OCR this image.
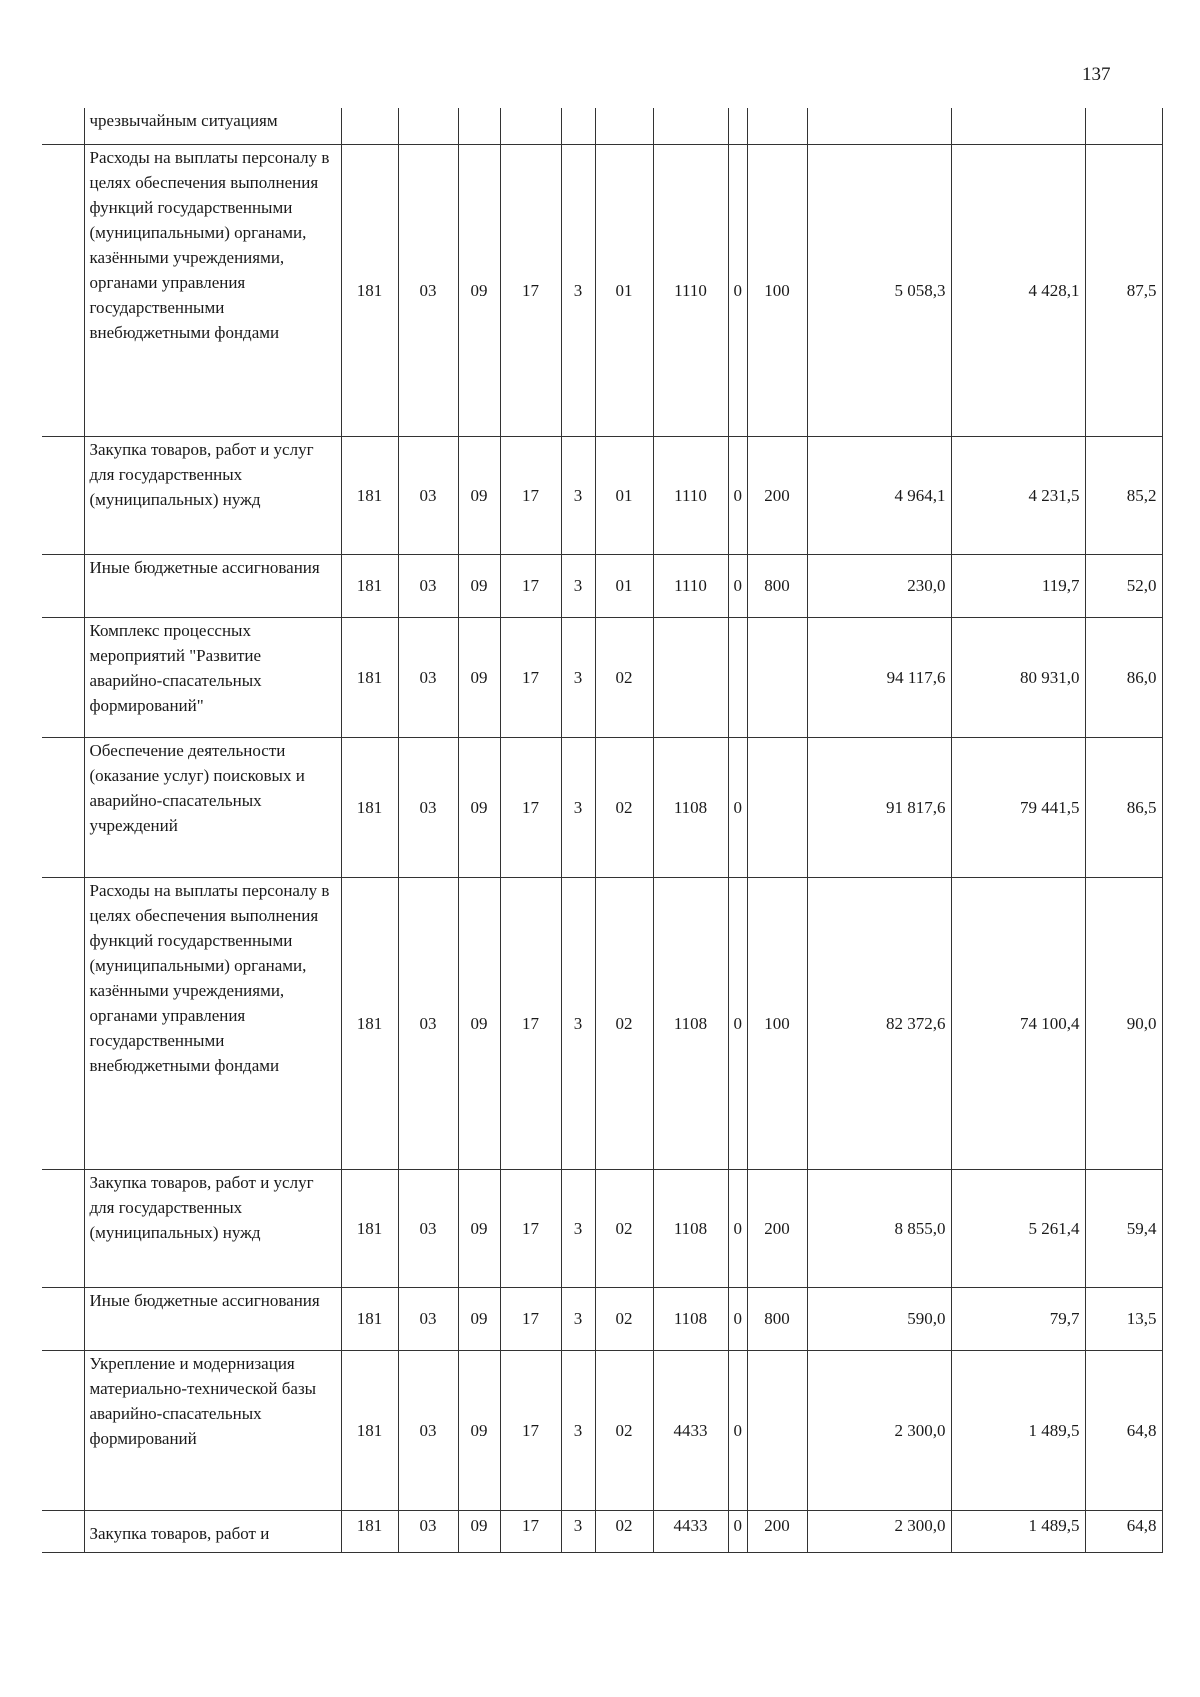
137
	чрезвычайным ситуациям												
	Расходы на выплаты персоналу в целях обеспечения выполнения функций государственными (муниципальными) органами, казёнными учреждениями, органами управления государственными внебюджетными фондами	181	03	09	17	3	01	1110	0	100	5 058,3	4 428,1	87,5
	Закупка товаров, работ и услуг для государственных (муниципальных) нужд	181	03	09	17	3	01	1110	0	200	4 964,1	4 231,5	85,2
	Иные бюджетные ассигнования	181	03	09	17	3	01	1110	0	800	230,0	119,7	52,0
	Комплекс процессных мероприятий "Развитие аварийно-спасательных формирований"	181	03	09	17	3	02				94 117,6	80 931,0	86,0
	Обеспечение деятельности (оказание услуг) поисковых и аварийно-спасательных учреждений	181	03	09	17	3	02	1108	0		91 817,6	79 441,5	86,5
	Расходы на выплаты персоналу в целях обеспечения выполнения функций государственными (муниципальными) органами, казёнными учреждениями, органами управления государственными внебюджетными фондами	181	03	09	17	3	02	1108	0	100	82 372,6	74 100,4	90,0
	Закупка товаров, работ и услуг для государственных (муниципальных) нужд	181	03	09	17	3	02	1108	0	200	8 855,0	5 261,4	59,4
	Иные бюджетные ассигнования	181	03	09	17	3	02	1108	0	800	590,0	79,7	13,5
	Укрепление и модернизация материально-технической базы аварийно-спасательных формирований	181	03	09	17	3	02	4433	0		2 300,0	1 489,5	64,8
	Закупка товаров, работ и	181	03	09	17	3	02	4433	0	200	2 300,0	1 489,5	64,8
